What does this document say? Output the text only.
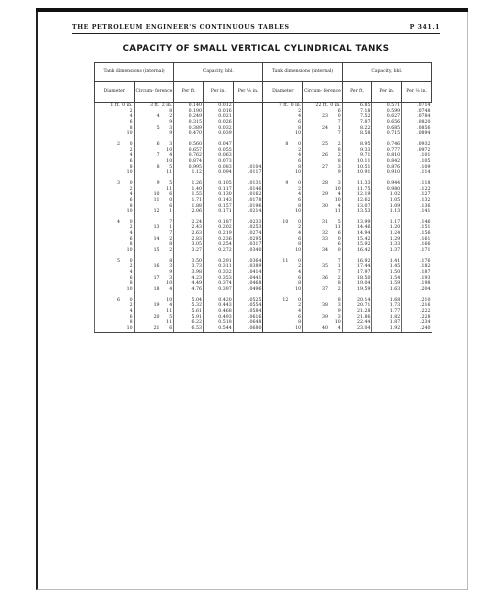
THE PETROLEUM ENGINEER'S CONTINUOUS TABLES	P 341.1
CAPACITY OF SMALL VERTICAL CYLINDRICAL TANKS
Tank dimensions (internal)				Capacity, bbl.			Tank dimensions (internal)				Capacity, bbl.		
Diameter		Circum- ference		Per ft.	Per in.	Per ⅛ in.	Diameter		Circum- ference		Per ft.	Per in.	Per ⅛ in.
1 ft.	0 in.	3 ft.	2 in.	0.140	0.012		7 ft.	0 in.	22 ft.	0 in.	6.85	0.571	.0714
	2		8	0.190	0.016			2		6	7.18	0.599	.0748
	4	4	2	0.249	0.021			4	23	0	7.52	0.627	.0784
	6		9	0.315	0.026			6		7	7.87	0.656	.0820
	8	5	3	0.389	0.032			8	24	1	8.22	0.685	.0856
	10		9	0.470	0.039			10		7	8.58	0.715	.0894

2	0	6	3	0.560	0.047		8	0	25	2	8.95	0.746	.0932
	2		10	0.657	0.055			2		8	9.33	0.777	.0972
	4	7	4	0.762	0.063			4	26	2	9.71	0.810	.101
	6		10	0.874	0.073			6		8	10.11	0.842	.105
	8	8	5	0.995	0.083	.0104		8	27	3	10.51	0.876	.109
	10		11	1.12	0.094	.0117		10		9	10.91	0.910	.114

3	0	9	5	1.26	0.105	.0131	9	0	28	3	11.33	0.944	.118
	2		11	1.40	0.117	.0146		2		10	11.75	0.980	.122
	4	10	6	1.55	0.130	.0162		4	29	4	12.19	1.02	.127
	6	11	0	1.71	0.143	.0178		6		10	12.62	1.05	.132
	8		6	1.88	0.157	.0196		8	30	4	13.07	1.09	.136
	10	12	1	2.06	0.171	.0214		10		11	13.53	1.13	.141

4	0		7	2.24	0.187	.0233	10	0	31	5	13.99	1.17	.146
	2	13	1	2.43	0.202	.0253		2		11	14.46	1.20	.151
	4		7	2.63	0.219	.0274		4	32	6	14.94	1.24	.156
	6	14	2	2.83	0.236	.0295		6	33	0	15.42	1.29	.161
	8		8	3.05	0.254	.0317		8		6	15.92	1.33	.166
	10	15	2	3.27	0.272	.0340		10	34	0	16.42	1.37	.171

5	0		8	3.50	0.291	.0364	11	0		7	16.92	1.41	.176
	2	16	3	3.73	0.311	.0389		2	35	1	17.44	1.45	.182
	4		9	3.98	0.332	.0414		4		7	17.97	1.50	.187
	6	17	3	4.23	0.353	.0441		6	36	2	18.50	1.54	.193
	8		10	4.49	0.374	.0468		8		8	19.04	1.59	.198
	10	18	4	4.76	0.397	.0496		10	37	2	19.59	1.63	.204

6	0		10	5.04	0.420	.0525	12	0		8	20.14	1.68	.210
	2	19	4	5.32	0.443	.0554		2	38	3	20.71	1.73	.216
	4		11	5.61	0.468	.0584		4		9	21.28	1.77	.222
	6	20	5	5.91	0.493	.0616		6	39	3	21.86	1.82	.228
	8		11	6.22	0.518	.0648		8		10	22.44	1.87	.234
	10	21	6	6.53	0.544	.0680		10	40	4	23.04	1.92	.240
